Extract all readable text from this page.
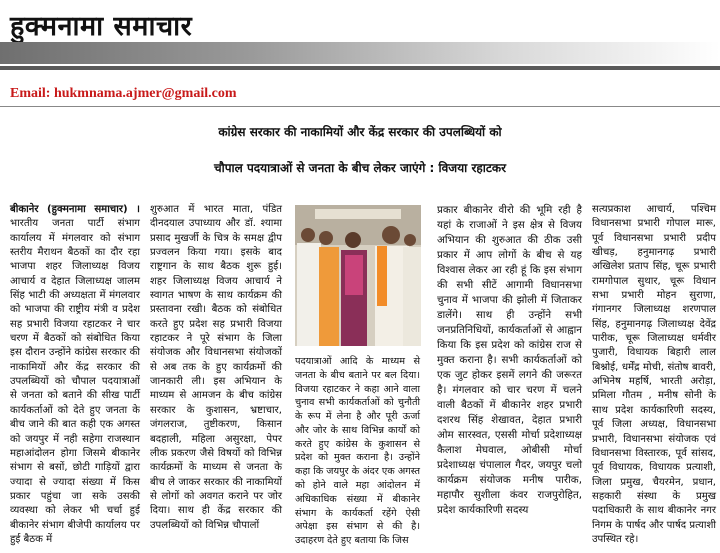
हुक्मनामा समाचार
Email: hukmnama.ajmer@gmail.com
कांग्रेस सरकार की नाकामियों और केंद्र सरकार की उपलब्धियों को
चौपाल पदयात्राओं से जनता के बीच लेकर जाएंगे : विजया रहाटकर
बीकानेर (हुक्मनामा समाचार) । भारतीय जनता पार्टी संभाग कार्यालय में मंगलवार को संभाग स्तरीय मैराथन बैठकों का दौर रहा भाजपा शहर जिलाध्यक्ष विजय आचार्य व देहात जिलाध्यक्ष जालम सिंह भाटी की अध्यक्षता में मंगलवार को भाजपा की राष्ट्रीय मंत्री व प्रदेश सह प्रभारी विजया रहाटकर ने चार चरण में बैठकों को संबोधित किया इस दौरान उन्होंने कांग्रेस सरकार की नाकामियों और केंद्र सरकार की उपलब्धियों को चौपाल पदयात्राओं से जनता को बताने की सीख पार्टी कार्यकर्ताओं को देते हुए जनता के बीच जाने की बात कही एक अगस्त को जयपुर में नही सहेगा राजस्थान महाआंदोलन होगा जिसमे बीकानेर संभाग से बसों, छोटी गाड़ियों द्वारा ज्यादा से ज्यादा संख्या में किस प्रकार पहुंचा जा सके उसकी व्यवस्था को लेकर भी चर्चा हुई बीकानेर संभाग बीजेपी कार्यालय पर हुई बैठक में
शुरुआत में भारत माता, पंडित दीनदयाल उपाध्याय और डॉ. श्यामा प्रसाद मुखर्जी के चित्र के समक्ष द्वीप प्रज्वलन किया गया। इसके बाद राष्ट्रगान के साथ बैठक शुरू हुई। शहर जिलाध्यक्ष विजय आचार्य ने स्वागत भाषण के साथ कार्यक्रम की प्रस्तावना रखी। बैठक को संबोधित करते हुए प्रदेश सह प्रभारी विजया रहाटकर ने पूरे संभाग के जिला संयोजक और विधानसभा संयोजकों से अब तक के हुए कार्यक्रमों की जानकारी ली। इस अभियान के माध्यम से आमजन के बीच कांग्रेस सरकार के कुशासन, भ्रष्टाचार, जंगलराज, तुष्टीकरण, किसान बदहाली, महिला असुरक्षा, पेपर लीक प्रकरण जैसे विषयों को विभिन्न कार्यक्रमों के माध्यम से जनता के बीच ले जाकर सरकार की नाकामियों से लोगों को अवगत कराने पर जोर दिया। साथ ही केंद्र सरकार की उपलब्धियों को विभिन्न चौपालों
पदयात्राओं आदि के माध्यम से जनता के बीच बताने पर बल दिया। विजया रहाटकर ने कहा आने वाला चुनाव सभी कार्यकर्ताओं को चुनौती के रूप में लेना है और पूरी ऊर्जा और जोर के साथ विभिन्न कार्यों को करते हुए कांग्रेस के कुशासन से प्रदेश को मुक्त कराना है। उन्होंने कहा कि जयपुर के अंदर एक अगस्त को होने वाले महा आंदोलन में अधिकाधिक संख्या में बीकानेर संभाग के कार्यकर्ता रहेंगे ऐसी अपेक्षा इस संभाग से की है। उदाहरण देते हुए बताया कि जिस
प्रकार बीकानेर वीरो की भूमि रही है यहां के राजाओं ने इस क्षेत्र से विजय अभियान की शुरुआत की ठीक उसी प्रकार में आप लोगों के बीच से यह विश्वास लेकर आ रही हूं कि इस संभाग की सभी सीटें आगामी विधानसभा चुनाव में भाजपा की झोली में जिताकर डालेंगे। साथ ही उन्होंने सभी जनप्रतिनिधियों, कार्यकर्ताओं से आह्वान किया कि इस प्रदेश को कांग्रेस राज से मुक्त कराना है। सभी कार्यकर्ताओं को एक जुट होकर इसमें लगने की जरूरत है। मंगलवार को चार चरण में चलने वाली बैठकों में बीकानेर शहर प्रभारी दशरथ सिंह शेखावत, देहात प्रभारी ओम सारस्वत, एससी मोर्चा प्रदेशाध्यक्ष कैलाश मेघवाल, ओबीसी मोर्चा प्रदेशाध्यक्ष चंपालाल गैदर, जयपुर चलो कार्यक्रम संयोजक मनीष पारीक, महापौर सुशीला कंवर राजपुरोहित, प्रदेश कार्यकारिणी सदस्य
सत्यप्रकाश आचार्य, पश्चिम विधानसभा प्रभारी गोपाल मारू, पूर्व विधानसभा प्रभारी प्रदीप खीचड़, हनुमानगढ़ प्रभारी अखिलेश प्रताप सिंह, चूरू प्रभारी रामगोपाल सुथार, चूरू विधान सभा प्रभारी मोहन सुराणा, गंगानगर जिलाध्यक्ष शरणपाल सिंह, हनुमानगढ़ जिलाध्यक्ष देवेंद्र पारीक, चूरू जिलाध्यक्ष धर्मवीर पुजारी, विधायक बिहारी लाल बिश्नोई, धर्मेंद्र मोची, संतोष बावरी, अभिनेष महर्षि, भारती अरोड़ा, प्रमिला गौतम , मनीष सोनी के साथ प्रदेश कार्यकारिणी सदस्य, पूर्व जिला अध्यक्ष, विधानसभा प्रभारी, विधानसभा संयोजक एवं विधानसभा विस्तारक, पूर्व सांसद, पूर्व विधायक, विधायक प्रत्याशी, जिला प्रमुख, चैयरमेन, प्रधान, सहकारी संस्था के प्रमुख पदाधिकारी के साथ बीकानेर नगर निगम के पार्षद और पार्षद प्रत्याशी उपस्थित रहे।
